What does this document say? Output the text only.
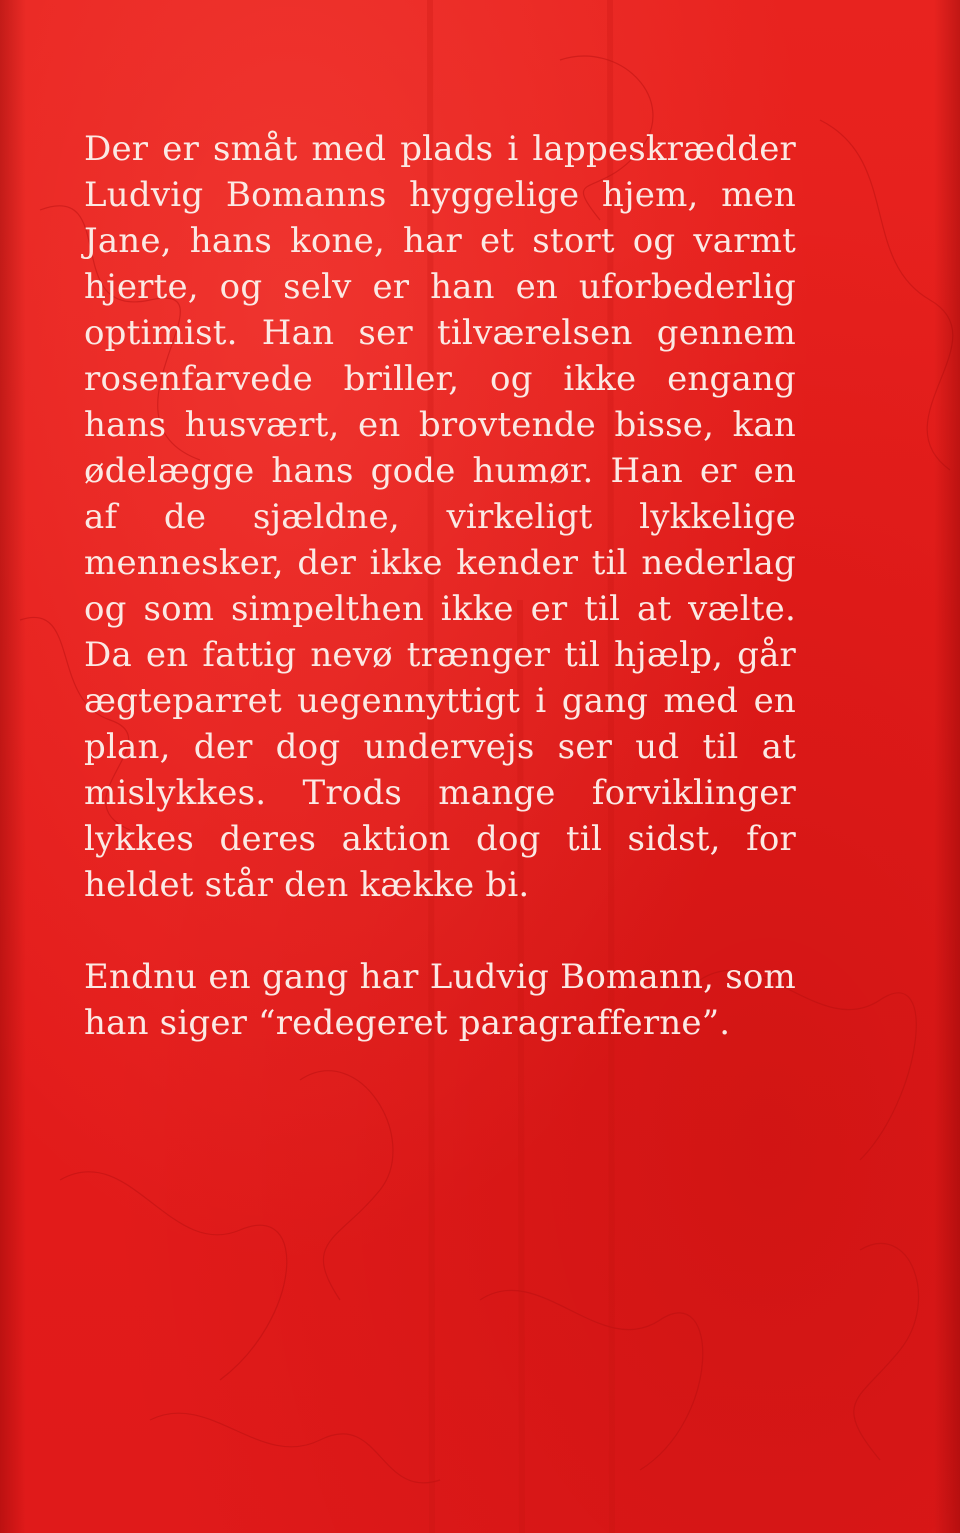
Der er småt med plads i lappeskrædder Ludvig Bomanns hyggelige hjem, men Jane, hans kone, har et stort og varmt hjerte, og selv er han en uforbederlig optimist. Han ser tilværelsen gennem rosenfarvede briller, og ikke engang hans husvært, en brovtende bisse, kan ødelægge hans gode humør. Han er en af de sjældne, virkeligt lykkelige mennesker, der ikke kender til nederlag og som simpelthen ikke er til at vælte. Da en fattig nevø trænger til hjælp, går ægteparret uegennyttigt i gang med en plan, der dog undervejs ser ud til at mislykkes. Trods mange forviklinger lykkes deres aktion dog til sidst, for heldet står den kække bi.

Endnu en gang har Ludvig Bomann, som han siger “redegeret paragrafferne”.
